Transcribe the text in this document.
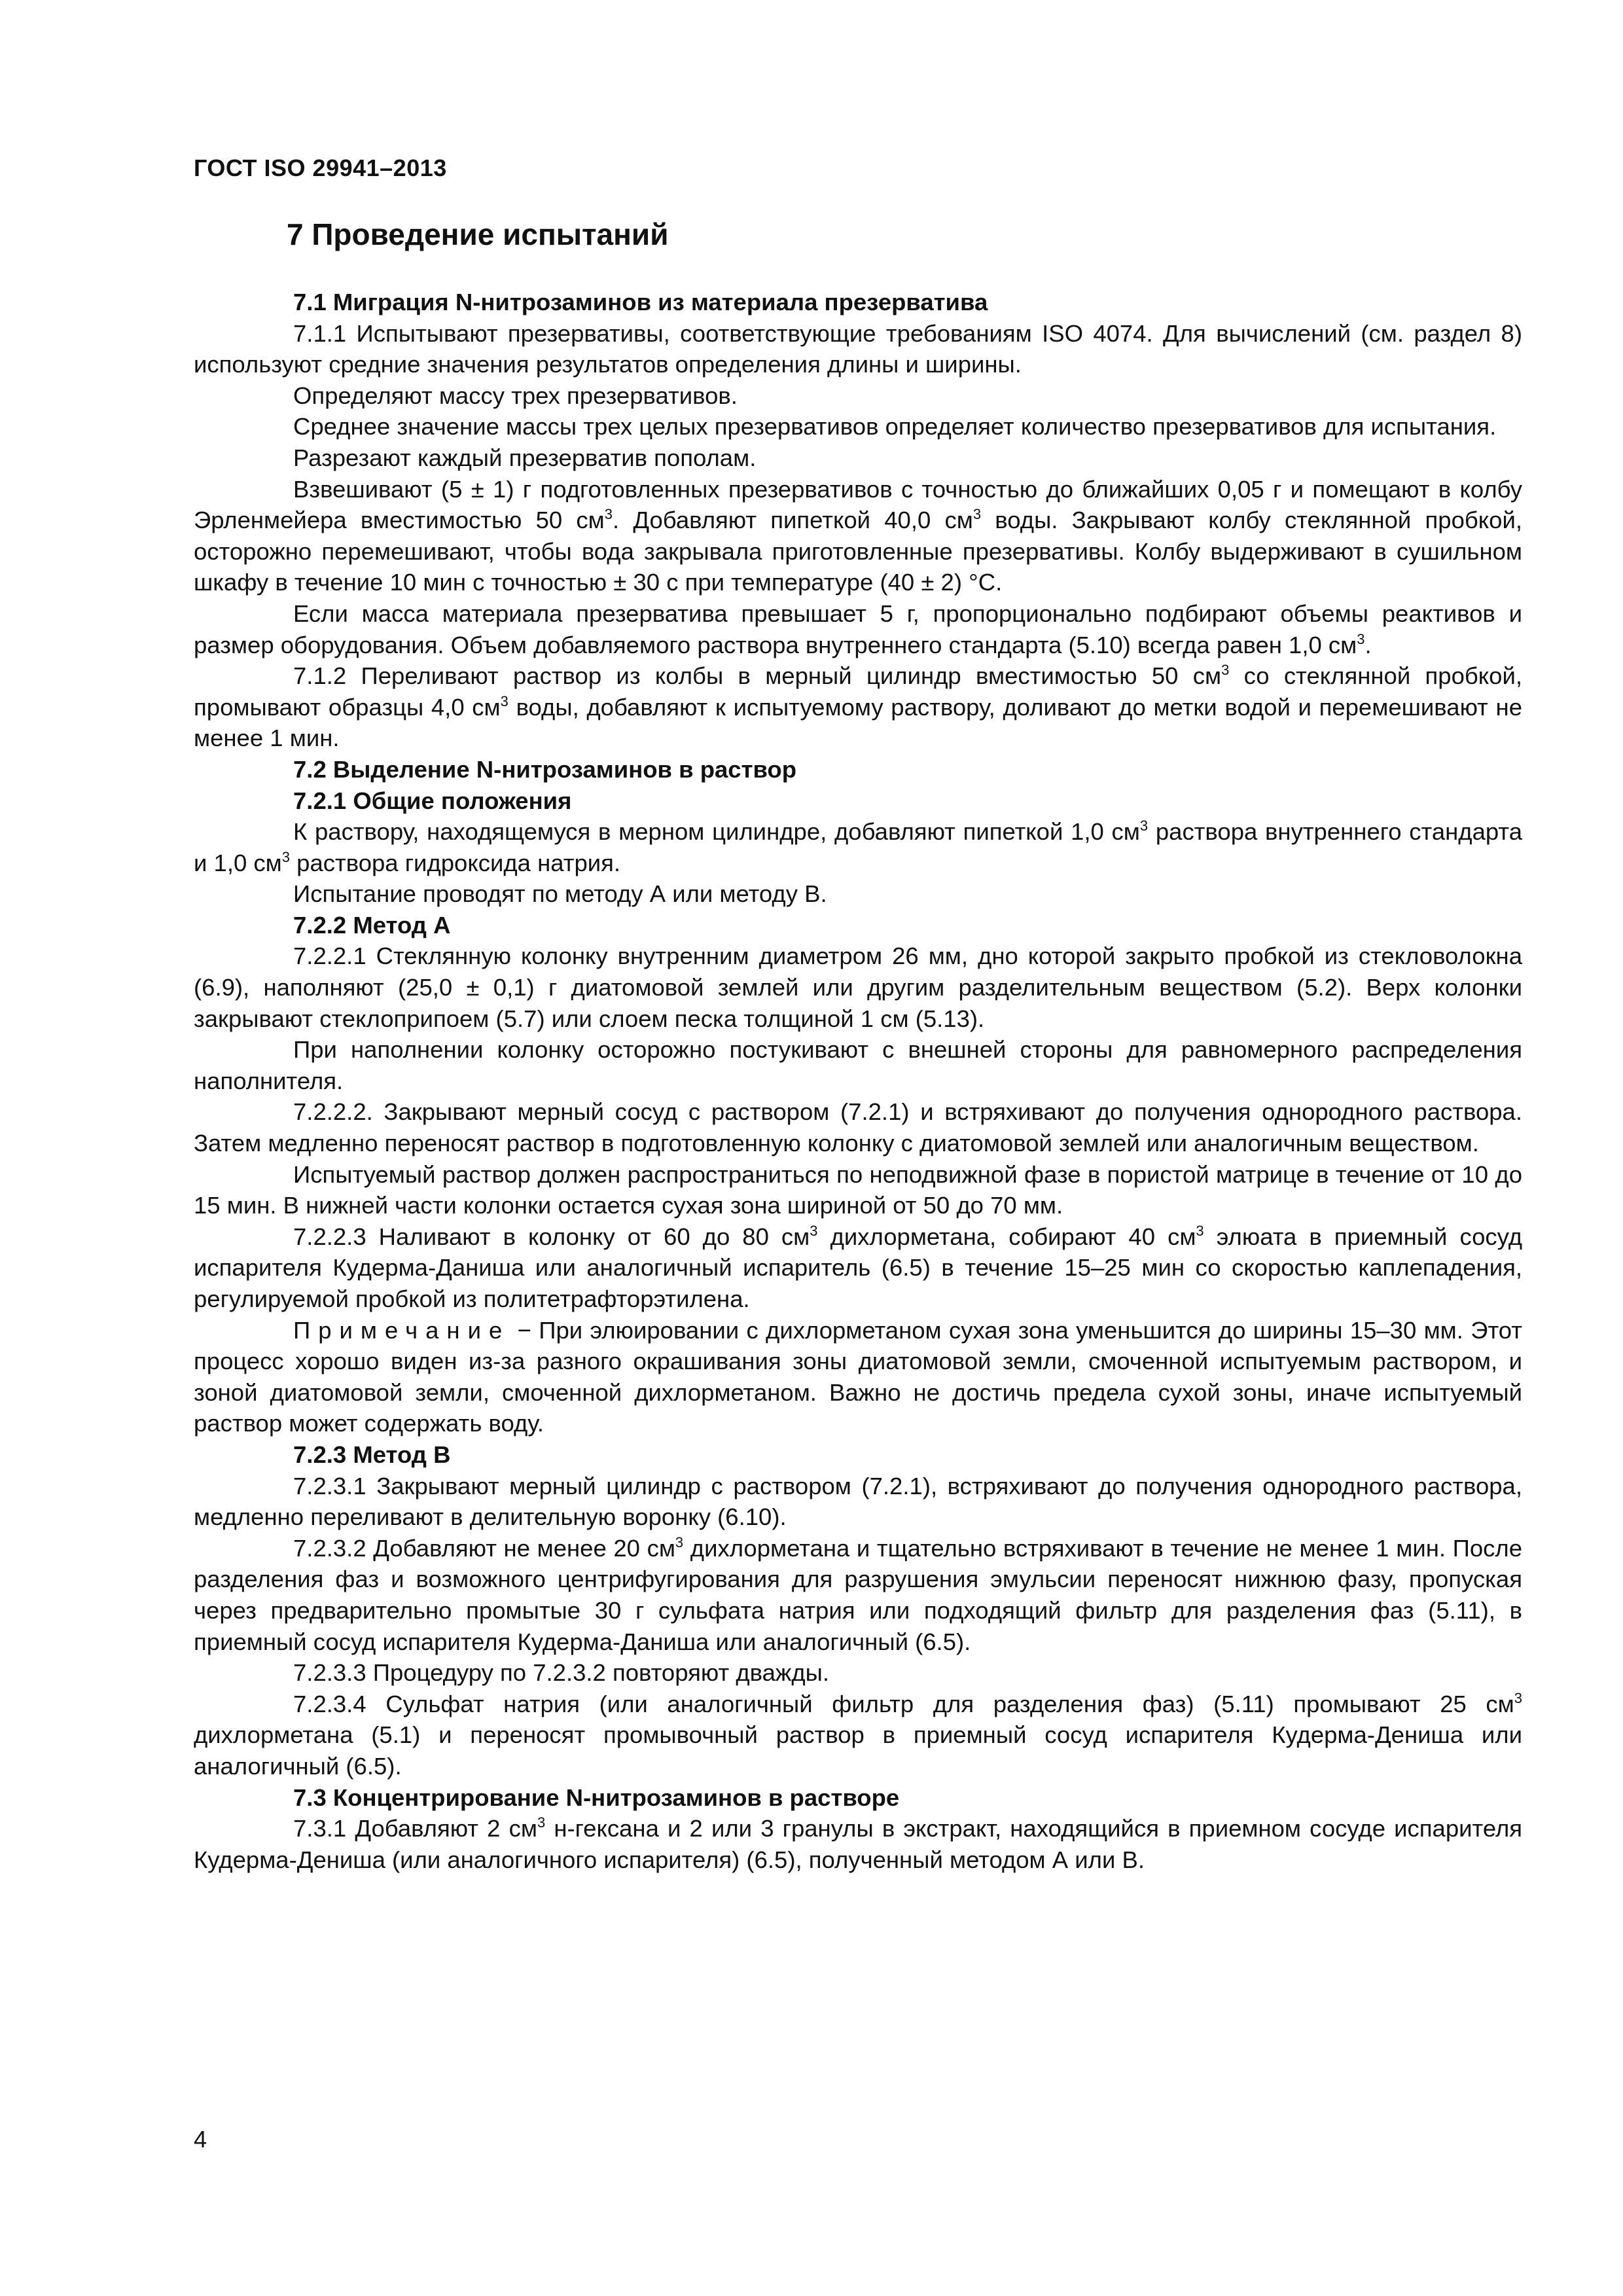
ГОСТ ISO 29941–2013
7 Проведение испытаний
7.1 Миграция N-нитрозаминов из материала презерватива
7.1.1 Испытывают презервативы, соответствующие требованиям ISO 4074. Для вычислений (см. раздел 8) используют средние значения результатов определения длины и ширины.
Определяют массу трех презервативов.
Среднее значение массы трех целых презервативов определяет количество презервативов для испытания.
Разрезают каждый презерватив пополам.
Взвешивают (5 ± 1) г подготовленных презервативов с точностью до ближайших 0,05 г и помещают в колбу Эрленмейера вместимостью 50 $см^3$. Добавляют пипеткой 40,0 $см^3$ воды. Закрывают колбу стеклянной пробкой, осторожно перемешивают, чтобы вода закрывала приготовленные презервативы. Колбу выдерживают в сушильном шкафу в течение 10 мин с точностью ± 30 с при температуре (40 ± 2) °С.
Если масса материала презерватива превышает 5 г, пропорционально подбирают объемы реактивов и размер оборудования. Объем добавляемого раствора внутреннего стандарта (5.10) всегда равен 1,0 $см^3$.
7.1.2 Переливают раствор из колбы в мерный цилиндр вместимостью 50 $см^3$ со стеклянной пробкой, промывают образцы 4,0 $см^3$ воды, добавляют к испытуемому раствору, доливают до метки водой и перемешивают не менее 1 мин.
7.2 Выделение N-нитрозаминов в раствор
7.2.1 Общие положения
К раствору, находящемуся в мерном цилиндре, добавляют пипеткой 1,0 $см^3$ раствора внутреннего стандарта и 1,0 $см^3$ раствора гидроксида натрия.
Испытание проводят по методу А или методу В.
7.2.2 Метод А
7.2.2.1 Стеклянную колонку внутренним диаметром 26 мм, дно которой закрыто пробкой из стекловолокна (6.9), наполняют (25,0 ± 0,1) г диатомовой землей или другим разделительным веществом (5.2). Верх колонки закрывают стеклоприпоем (5.7) или слоем песка толщиной 1 см (5.13).
При наполнении колонку осторожно постукивают с внешней стороны для равномерного распределения наполнителя.
7.2.2.2. Закрывают мерный сосуд с раствором (7.2.1) и встряхивают до получения однородного раствора. Затем медленно переносят раствор в подготовленную колонку с диатомовой землей или аналогичным веществом.
Испытуемый раствор должен распространиться по неподвижной фазе в пористой матрице в течение от 10 до 15 мин. В нижней части колонки остается сухая зона шириной от 50 до 70 мм.
7.2.2.3 Наливают в колонку от 60 до 80 $см^3$ дихлорметана, собирают 40 $см^3$ элюата в приемный сосуд испарителя Кудерма-Даниша или аналогичный испаритель (6.5) в течение 15–25 мин со скоростью каплепадения, регулируемой пробкой из политетрафторэтилена.
Примечание − При элюировании с дихлорметаном сухая зона уменьшится до ширины 15–30 мм. Этот процесс хорошо виден из-за разного окрашивания зоны диатомовой земли, смоченной испытуемым раствором, и зоной диатомовой земли, смоченной дихлорметаном. Важно не достичь предела сухой зоны, иначе испытуемый раствор может содержать воду.
7.2.3 Метод В
7.2.3.1 Закрывают мерный цилиндр с раствором (7.2.1), встряхивают до получения однородного раствора, медленно переливают в делительную воронку (6.10).
7.2.3.2 Добавляют не менее 20 $см^3$ дихлорметана и тщательно встряхивают в течение не менее 1 мин. После разделения фаз и возможного центрифугирования для разрушения эмульсии переносят нижнюю фазу, пропуская через предварительно промытые 30 г сульфата натрия или подходящий фильтр для разделения фаз (5.11), в приемный сосуд испарителя Кудерма-Даниша или аналогичный (6.5).
7.2.3.3 Процедуру по 7.2.3.2 повторяют дважды.
7.2.3.4 Сульфат натрия (или аналогичный фильтр для разделения фаз) (5.11) промывают 25 $см^3$ дихлорметана (5.1) и переносят промывочный раствор в приемный сосуд испарителя Кудерма-Дениша или аналогичный (6.5).
7.3 Концентрирование N-нитрозаминов в растворе
7.3.1 Добавляют 2 $см^3$ н-гексана и 2 или 3 гранулы в экстракт, находящийся в приемном сосуде испарителя Кудерма-Дениша (или аналогичного испарителя) (6.5), полученный методом А или В.
4
